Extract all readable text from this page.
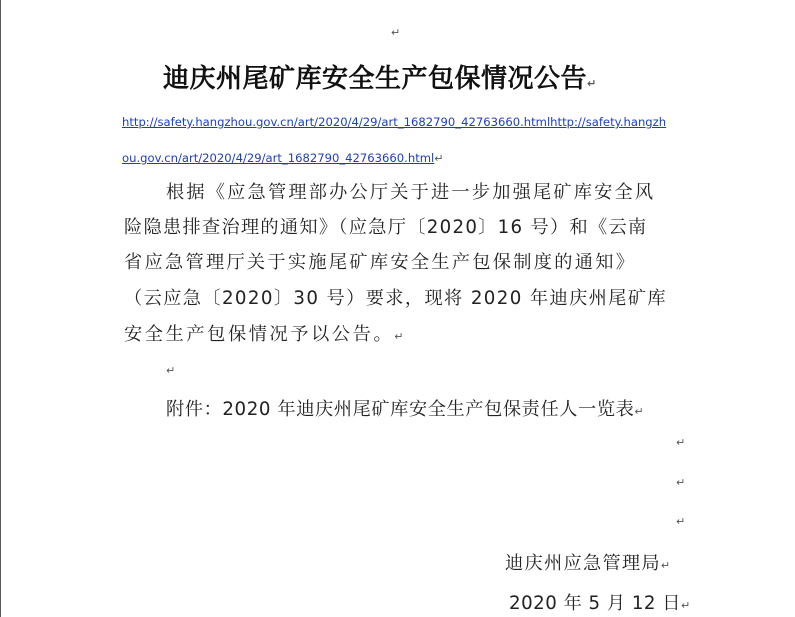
↵
迪庆州尾矿库安全生产包保情况公告↵
http://safety.hangzhou.gov.cn/art/2020/4/29/art_1682790_42763660.htmlhttp://safety.hangzh
ou.gov.cn/art/2020/4/29/art_1682790_42763660.html↵
根据《应急管理部办公厅关于进一步加强尾矿库安全风
险隐患排查治理的通知》（应急厅〔2020〕16 号）和《云南
省应急管理厅关于实施尾矿库安全生产包保制度的通知》
（云应急〔2020〕30 号）要求，现将 2020 年迪庆州尾矿库
安全生产包保情况予以公告。↵
↵
附件：2020 年迪庆州尾矿库安全生产包保责任人一览表↵
↵
↵
↵
迪庆州应急管理局↵
2020 年 5 月 12 日↵
